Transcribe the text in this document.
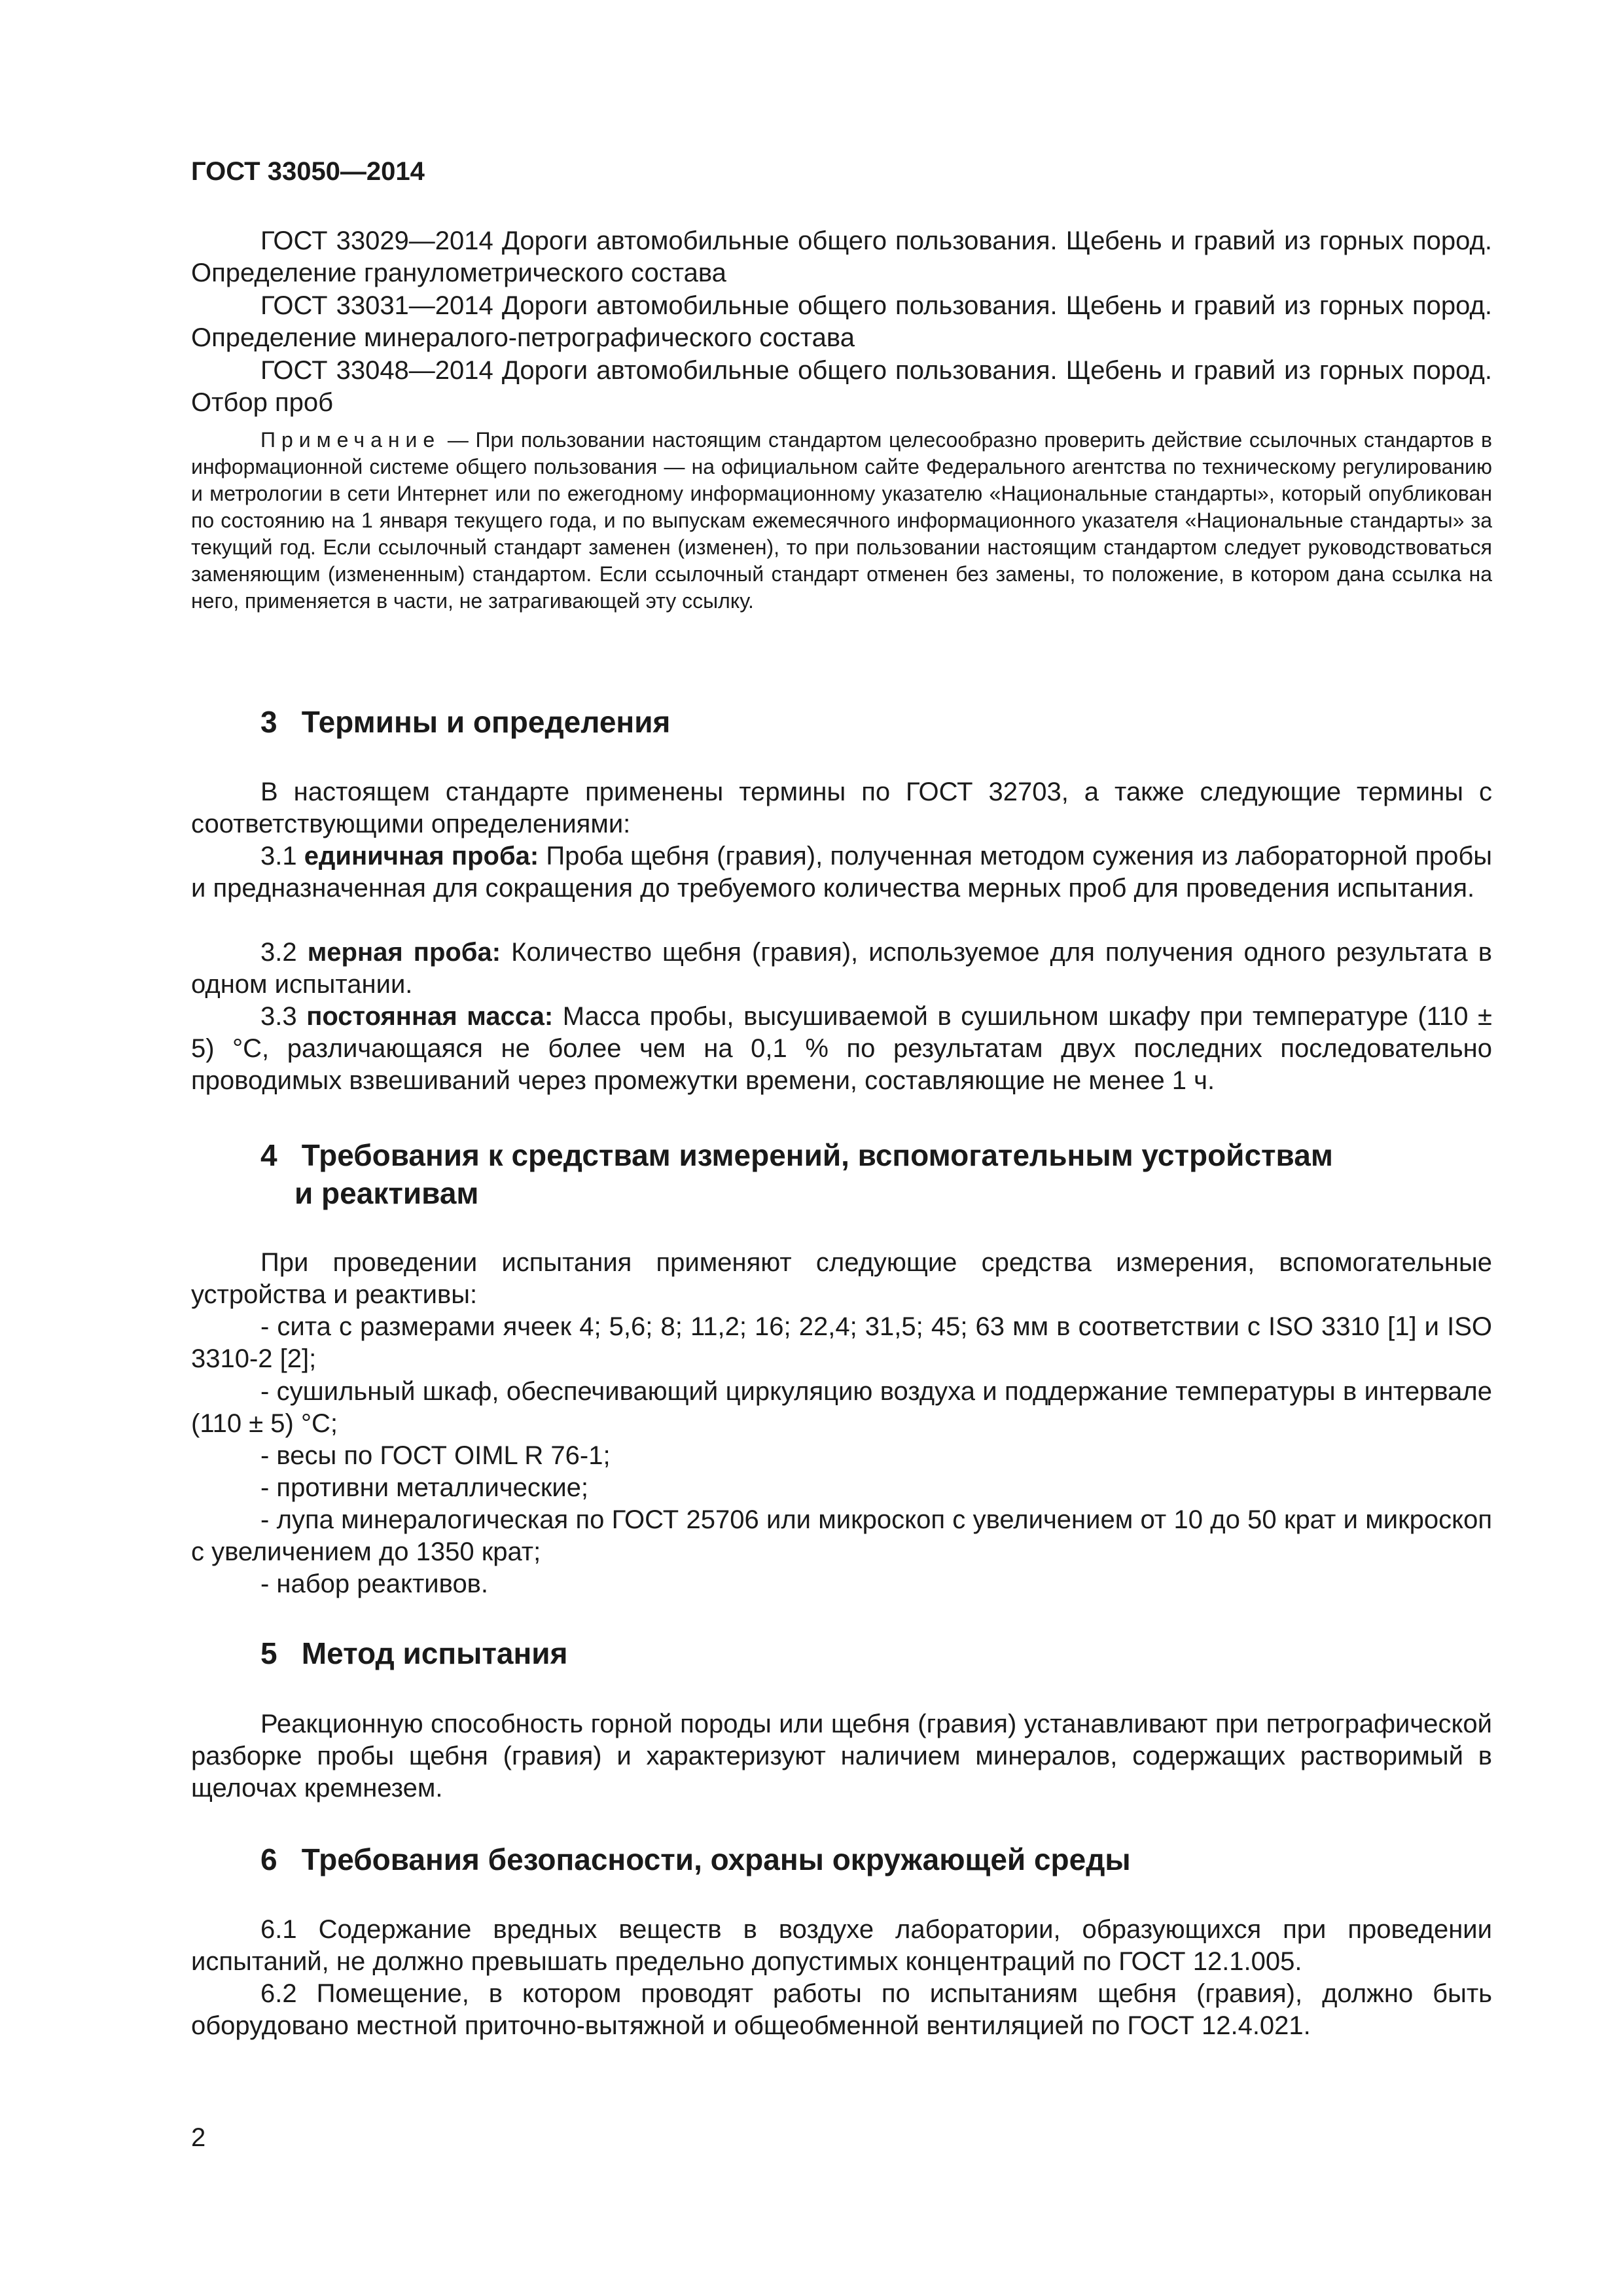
ГОСТ 33050—2014

ГОСТ 33029—2014 Дороги автомобильные общего пользования. Щебень и гравий из горных пород. Определение гранулометрического состава

ГОСТ 33031—2014 Дороги автомобильные общего пользования. Щебень и гравий из горных пород. Определение минералого-петрографического состава

ГОСТ 33048—2014 Дороги автомобильные общего пользования. Щебень и гравий из горных пород. Отбор проб

Примечание — При пользовании настоящим стандартом целесообразно проверить действие ссылочных стандартов в информационной системе общего пользования — на официальном сайте Федерального агентства по техническому регулированию и метрологии в сети Интернет или по ежегодному информационному указателю «Национальные стандарты», который опубликован по состоянию на 1 января текущего года, и по выпускам ежемесячного информационного указателя «Национальные стандарты» за текущий год. Если ссылочный стандарт заменен (изменен), то при пользовании настоящим стандартом следует руководствоваться заменяющим (измененным) стандартом. Если ссылочный стандарт отменен без замены, то положение, в котором дана ссылка на него, применяется в части, не затрагивающей эту ссылку.

3 Термины и определения

В настоящем стандарте применены термины по ГОСТ 32703, а также следующие термины с соответствующими определениями:

3.1 единичная проба: Проба щебня (гравия), полученная методом сужения из лабораторной пробы и предназначенная для сокращения до требуемого количества мерных проб для проведения испытания.

3.2 мерная проба: Количество щебня (гравия), используемое для получения одного результата в одном испытании.

3.3 постоянная масса: Масса пробы, высушиваемой в сушильном шкафу при температуре (110 ± 5) °С, различающаяся не более чем на 0,1 % по результатам двух последних последовательно проводимых взвешиваний через промежутки времени, составляющие не менее 1 ч.

4 Требования к средствам измерений, вспомогательным устройствам
и реактивам

При проведении испытания применяют следующие средства измерения, вспомогательные устройства и реактивы:

- сита с размерами ячеек 4; 5,6; 8; 11,2; 16; 22,4; 31,5; 45; 63 мм в соответствии с ISO 3310 [1] и ISO 3310-2 [2];

- сушильный шкаф, обеспечивающий циркуляцию воздуха и поддержание температуры в интервале (110 ± 5) °С;

- весы по ГОСТ OIML R 76-1;

- противни металлические;

- лупа минералогическая по ГОСТ 25706 или микроскоп с увеличением от 10 до 50 крат и микроскоп с увеличением до 1350 крат;

- набор реактивов.

5 Метод испытания

Реакционную способность горной породы или щебня (гравия) устанавливают при петрографической разборке пробы щебня (гравия) и характеризуют наличием минералов, содержащих растворимый в щелочах кремнезем.

6 Требования безопасности, охраны окружающей среды

6.1 Содержание вредных веществ в воздухе лаборатории, образующихся при проведении испытаний, не должно превышать предельно допустимых концентраций по ГОСТ 12.1.005.

6.2 Помещение, в котором проводят работы по испытаниям щебня (гравия), должно быть оборудовано местной приточно-вытяжной и общеобменной вентиляцией по ГОСТ 12.4.021.

2
